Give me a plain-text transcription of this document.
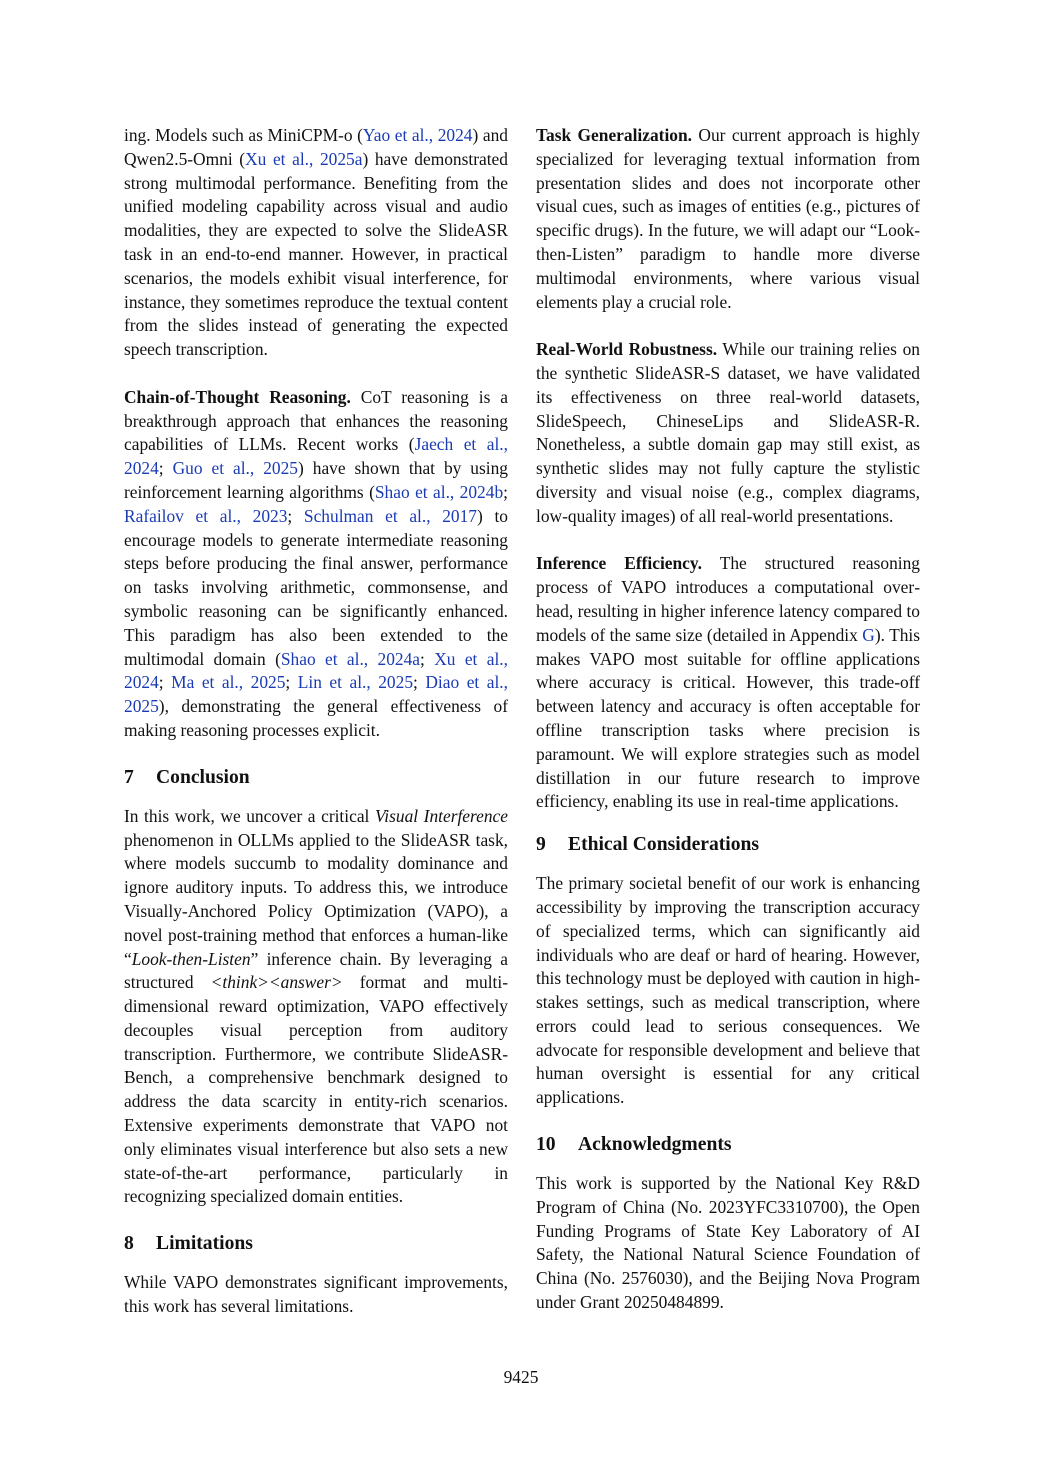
ing. Models such as MiniCPM-o (Yao et al., 2024) and Qwen2.5-Omni (Xu et al., 2025a) have demonstrated strong multimodal performance. Benefiting from the unified modeling capability across visual and audio modalities, they are expected to solve the SlideASR task in an end-to-end manner. However, in practical scenarios, the models exhibit visual interference, for instance, they sometimes reproduce the textual content from the slides instead of generating the expected speech transcription.

Chain-of-Thought Reasoning. CoT reasoning is a breakthrough approach that enhances the reasoning capabilities of LLMs. Recent works (Jaech et al., 2024; Guo et al., 2025) have shown that by using reinforcement learning algorithms (Shao et al., 2024b; Rafailov et al., 2023; Schulman et al., 2017) to encourage models to generate intermediate reasoning steps before producing the final answer, performance on tasks involving arithmetic, commonsense, and symbolic reasoning can be significantly enhanced. This paradigm has also been extended to the multimodal domain (Shao et al., 2024a; Xu et al., 2024; Ma et al., 2025; Lin et al., 2025; Diao et al., 2025), demonstrating the general effectiveness of making reasoning processes explicit.

7 Conclusion

In this work, we uncover a critical Visual Interference phenomenon in OLLMs applied to the SlideASR task, where models succumb to modality dominance and ignore auditory inputs. To address this, we introduce Visually-Anchored Policy Optimization (VAPO), a novel post-training method that enforces a human-like “Look-then-Listen” inference chain. By leveraging a structured <think><answer> format and multi-dimensional reward optimization, VAPO effectively decouples visual perception from auditory transcription. Furthermore, we contribute SlideASR-Bench, a comprehensive benchmark designed to address the data scarcity in entity-rich scenarios. Extensive experiments demonstrate that VAPO not only eliminates visual interference but also sets a new state-of-the-art performance, particularly in recognizing specialized domain entities.

8 Limitations

While VAPO demonstrates significant improvements, this work has several limitations.

Task Generalization. Our current approach is highly specialized for leveraging textual information from presentation slides and does not incorporate other visual cues, such as images of entities (e.g., pictures of specific drugs). In the future, we will adapt our “Look-then-Listen” paradigm to handle more diverse multimodal environments, where various visual elements play a crucial role.

Real-World Robustness. While our training relies on the synthetic SlideASR-S dataset, we have validated its effectiveness on three real-world datasets, SlideSpeech, ChineseLips and SlideASR-R. Nonetheless, a subtle domain gap may still exist, as synthetic slides may not fully capture the stylistic diversity and visual noise (e.g., complex diagrams, low-quality images) of all real-world presentations.

Inference Efficiency. The structured reasoning process of VAPO introduces a computational overhead, resulting in higher inference latency compared to models of the same size (detailed in Appendix G). This makes VAPO most suitable for offline applications where accuracy is critical. However, this trade-off between latency and accuracy is often acceptable for offline transcription tasks where precision is paramount. We will explore strategies such as model distillation in our future research to improve efficiency, enabling its use in real-time applications.

9 Ethical Considerations

The primary societal benefit of our work is enhancing accessibility by improving the transcription accuracy of specialized terms, which can significantly aid individuals who are deaf or hard of hearing. However, this technology must be deployed with caution in high-stakes settings, such as medical transcription, where errors could lead to serious consequences. We advocate for responsible development and believe that human oversight is essential for any critical applications.

10 Acknowledgments

This work is supported by the National Key R&D Program of China (No. 2023YFC3310700), the Open Funding Programs of State Key Laboratory of AI Safety, the National Natural Science Foundation of China (No. 2576030), and the Beijing Nova Program under Grant 20250484899.

9425
